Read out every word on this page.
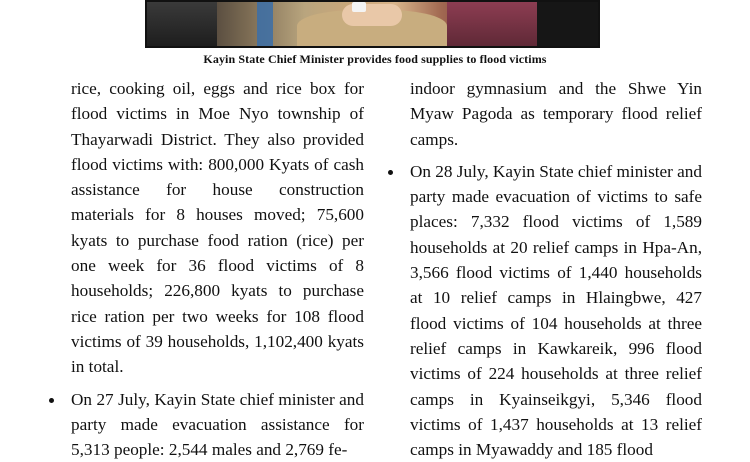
Kayin State Chief Minister provides food supplies to flood victims

rice, cooking oil, eggs and rice box for flood victims in Moe Nyo township of Thayarwadi District. They also provided flood victims with: 800,000 Kyats of cash assistance for house construction materials for 8 houses moved; 75,600 kyats to purchase food ration (rice) per one week for 36 flood victims of 8 households; 226,800 kyats to purchase rice ration per two weeks for 108 flood victims of 39 households, 1,102,400 kyats in total.

On 27 July, Kayin State chief minister and party made evacuation assistance for 5,313 people: 2,544 males and 2,769 fe-

indoor gymnasium and the Shwe Yin Myaw Pagoda as temporary flood relief camps.

On 28 July, Kayin State chief minister and party made evacuation of victims to safe places: 7,332 flood victims of 1,589 households at 20 relief camps in Hpa-An, 3,566 flood victims of 1,440 households at 10 relief camps in Hlaingbwe, 427 flood victims of 104 households at three relief camps in Kawkareik, 996 flood victims of 224 households at three relief camps in Kyainseikgyi, 5,346 flood victims of 1,437 households at 13 relief camps in Myawaddy and 185 flood
